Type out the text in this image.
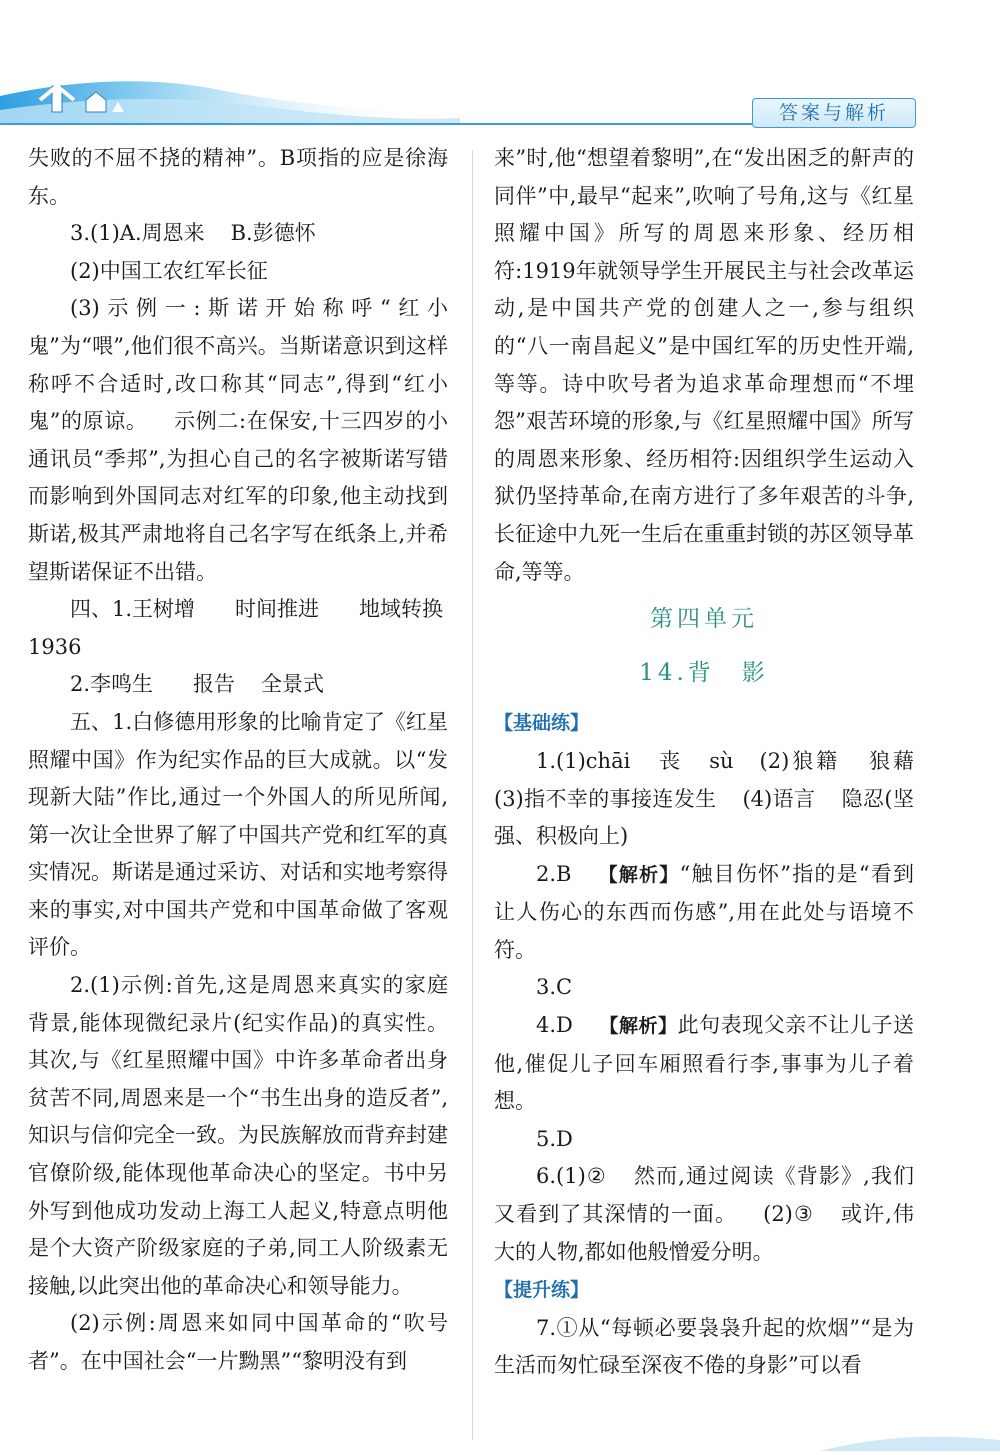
答案与解析

失败的不屈不挠的精神”。B项指的应是徐海东。

3.(1)A.周恩来 B.彭德怀

(2)中国工农红军长征

(3)示例一:斯诺开始称呼“红小鬼”为“喂”,他们很不高兴。当斯诺意识到这样称呼不合适时,改口称其“同志”,得到“红小鬼”的原谅。 示例二:在保安,十三四岁的小通讯员“季邦”,为担心自己的名字被斯诺写错而影响到外国同志对红军的印象,他主动找到斯诺,极其严肃地将自己名字写在纸条上,并希望斯诺保证不出错。

四、1.王树增 时间推进 地域转换

1936

2.李鸣生 报告 全景式

五、1.白修德用形象的比喻肯定了《红星照耀中国》作为纪实作品的巨大成就。以“发现新大陆”作比,通过一个外国人的所见所闻,第一次让全世界了解了中国共产党和红军的真实情况。斯诺是通过采访、对话和实地考察得来的事实,对中国共产党和中国革命做了客观评价。

2.(1)示例:首先,这是周恩来真实的家庭背景,能体现微纪录片(纪实作品)的真实性。其次,与《红星照耀中国》中许多革命者出身贫苦不同,周恩来是一个“书生出身的造反者”,知识与信仰完全一致。为民族解放而背弃封建官僚阶级,能体现他革命决心的坚定。书中另外写到他成功发动上海工人起义,特意点明他是个大资产阶级家庭的子弟,同工人阶级素无接触,以此突出他的革命决心和领导能力。

(2)示例:周恩来如同中国革命的“吹号者”。在中国社会“一片黝黑”“黎明没有到

来”时,他“想望着黎明”,在“发出困乏的鼾声的同伴”中,最早“起来”,吹响了号角,这与《红星照耀中国》所写的周恩来形象、经历相符:1919年就领导学生开展民主与社会改革运动,是中国共产党的创建人之一,参与组织的“八一南昌起义”是中国红军的历史性开端,等等。诗中吹号者为追求革命理想而“不埋怨”艰苦环境的形象,与《红星照耀中国》所写的周恩来形象、经历相符:因组织学生运动入狱仍坚持革命,在南方进行了多年艰苦的斗争,长征途中九死一生后在重重封锁的苏区领导革命,等等。

第四单元
14.背　影

【基础练】

1.(1)chāi 丧 sù (2)狼籍 狼藉 (3)指不幸的事接连发生 (4)语言 隐忍(坚强、积极向上)

2.B 【解析】“触目伤怀”指的是“看到让人伤心的东西而伤感”,用在此处与语境不符。

3.C

4.D 【解析】此句表现父亲不让儿子送他,催促儿子回车厢照看行李,事事为儿子着想。

5.D

6.(1)② 然而,通过阅读《背影》,我们又看到了其深情的一面。 (2)③ 或许,伟大的人物,都如他般憎爱分明。

【提升练】

7.①从“每顿必要袅袅升起的炊烟”“是为生活而匆忙碌至深夜不倦的身影”可以看
